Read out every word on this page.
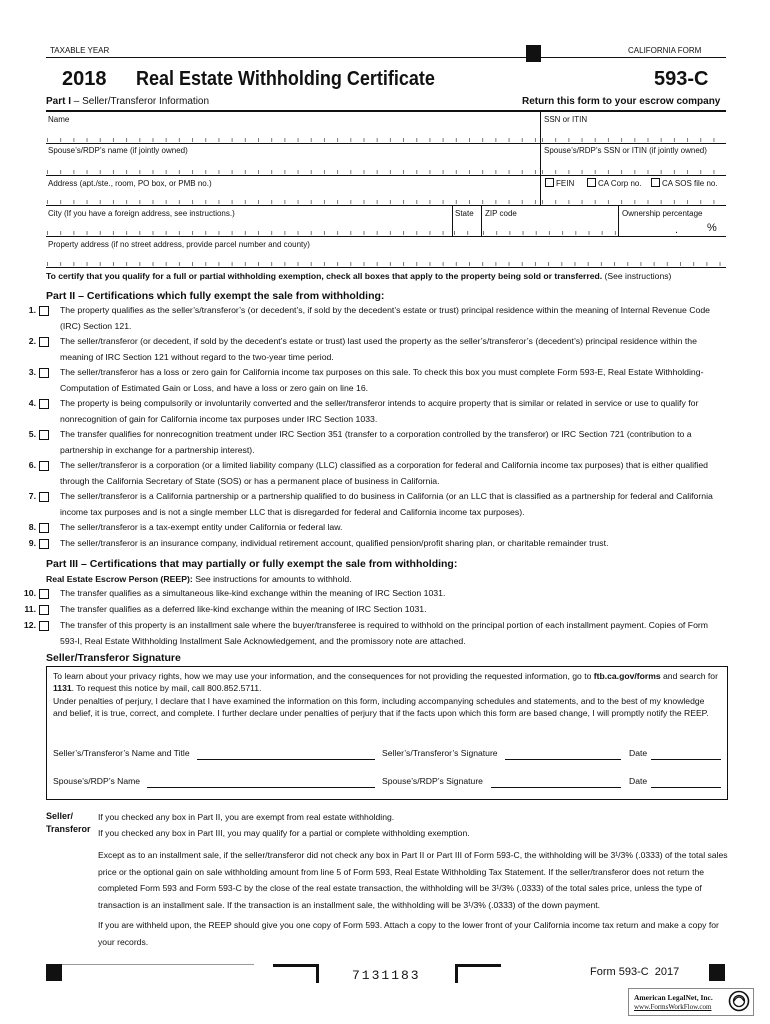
TAXABLE YEAR	CALIFORNIA FORM
2018 Real Estate Withholding Certificate	593-C
Part I – Seller/Transferor Information	Return this form to your escrow company
Name	SSN or ITIN
Spouse’s/RDP’s name (if jointly owned)	Spouse’s/RDP’s SSN or ITIN (if jointly owned)
Address (apt./ste., room, PO box, or PMB no.)	FEIN	CA Corp no.	CA SOS file no.
City (If you have a foreign address, see instructions.)	State ZIP code	Ownership percentage
.	%
Property address (if no street address, provide parcel number and county)
To certify that you qualify for a full or partial withholding exemption, check all boxes that apply to the property being sold or transferred. (See instructions)
Part II – Certifications which fully exempt the sale from withholding:
1.	The property qualifies as the seller’s/transferor’s (or decedent’s, if sold by the decedent’s estate or trust) principal residence within the meaning of Internal Revenue Code (IRC) Section 121.
2.	The seller/transferor (or decedent, if sold by the decedent’s estate or trust) last used the property as the seller’s/transferor’s (decedent’s) principal residence within the meaning of IRC Section 121 without regard to the two-year time period.
3.	The seller/transferor has a loss or zero gain for California income tax purposes on this sale. To check this box you must complete Form 593-E, Real Estate Withholding-Computation of Estimated Gain or Loss, and have a loss or zero gain on line 16.
4.	The property is being compulsorily or involuntarily converted and the seller/transferor intends to acquire property that is similar or related in service or use to qualify for nonrecognition of gain for California income tax purposes under IRC Section 1033.
5.	The transfer qualifies for nonrecognition treatment under IRC Section 351 (transfer to a corporation controlled by the transferor) or IRC Section 721 (contribution to a partnership in exchange for a partnership interest).
6.	The seller/transferor is a corporation (or a limited liability company (LLC) classified as a corporation for federal and California income tax purposes) that is either qualified through the California Secretary of State (SOS) or has a permanent place of business in California.
7.	The seller/transferor is a California partnership or a partnership qualified to do business in California (or an LLC that is classified as a partnership for federal and California income tax purposes and is not a single member LLC that is disregarded for federal and California income tax purposes).
8.	The seller/transferor is a tax-exempt entity under California or federal law.
9.	The seller/transferor is an insurance company, individual retirement account, qualified pension/profit sharing plan, or charitable remainder trust.
Part III – Certifications that may partially or fully exempt the sale from withholding:
Real Estate Escrow Person (REEP): See instructions for amounts to withhold.
10.	The transfer qualifies as a simultaneous like-kind exchange within the meaning of IRC Section 1031.
11.	The transfer qualifies as a deferred like-kind exchange within the meaning of IRC Section 1031.
12.	The transfer of this property is an installment sale where the buyer/transferee is required to withhold on the principal portion of each installment payment. Copies of Form 593-I, Real Estate Withholding Installment Sale Acknowledgement, and the promissory note are attached.
Seller/Transferor Signature
To learn about your privacy rights, how we may use your information, and the consequences for not providing the requested information, go to ftb.ca.gov/forms and search for 1131. To request this notice by mail, call 800.852.5711.
Under penalties of perjury, I declare that I have examined the information on this form, including accompanying schedules and statements, and to the best of my knowledge and belief, it is true, correct, and complete. I further declare under penalties of perjury that if the facts upon which this form are based change, I will promptly notify the REEP.
Seller’s/Transferor’s Name and Title	Seller’s/Transferor’s Signature	Date
Spouse’s/RDP’s Name	Spouse’s/RDP’s Signature	Date
Seller/
Transferor
If you checked any box in Part II, you are exempt from real estate withholding.
If you checked any box in Part III, you may qualify for a partial or complete withholding exemption.
Except as to an installment sale, if the seller/transferor did not check any box in Part II or Part III of Form 593-C, the withholding will be 3¹/3% (.0333) of the total sales price or the optional gain on sale withholding amount from line 5 of Form 593, Real Estate Withholding Tax Statement. If the seller/transferor does not return the completed Form 593 and Form 593-C by the close of the real estate transaction, the withholding will be 3¹/3% (.0333) of the total sales price, unless the type of transaction is an installment sale. If the transaction is an installment sale, the withholding will be 3¹/3% (.0333) of the down payment.
If you are withheld upon, the REEP should give you one copy of Form 593. Attach a copy to the lower front of your California income tax return and make a copy for your records.
7131183	Form 593-C  2017
American LegalNet, Inc.
www.FormsWorkFlow.com
